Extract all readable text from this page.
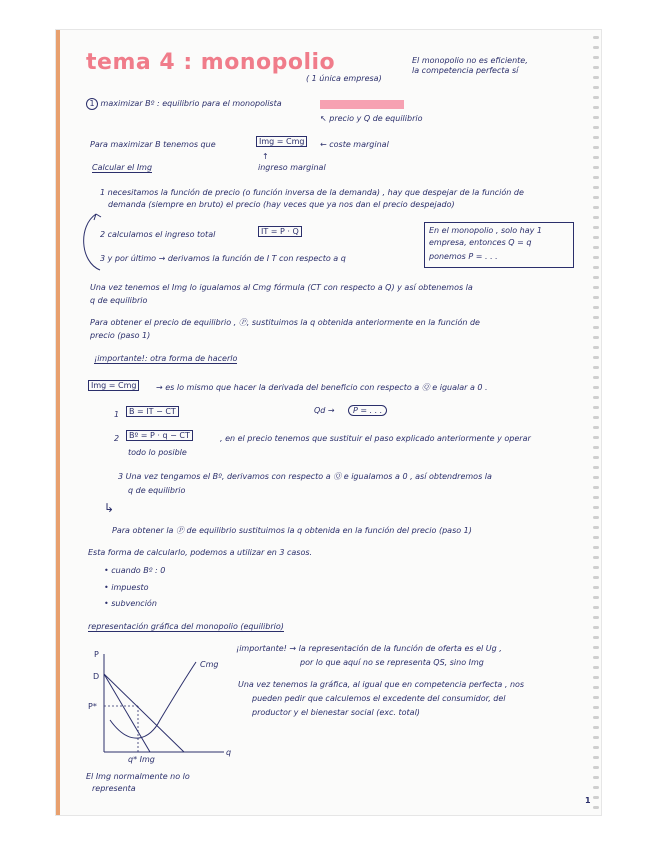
tema 4 : monopolio
( 1 única empresa)
El monopolio no es eficiente,
la competencia perfecta sí
1 maximizar Bº : equilibrio para el monopolista
↖ precio y Q de equilibrio
Para maximizar B tenemos que	Img = Cmg	← coste marginal
↑
ingreso marginal
Calcular el Img
1 necesitamos la función de precio (o función inversa de la demanda) , hay que despejar de la función de
demanda (siempre en bruto) el precio (hay veces que ya nos dan el precio despejado)
2 calculamos el ingreso total	IT = P · Q
3 y por último → derivamos la función de I T con respecto a q
En el monopolio , solo hay 1
empresa, entonces Q = q
ponemos P = . . .
Una vez tenemos el Img lo igualamos al Cmg fórmula (CT con respecto a Q) y así obtenemos la
q de equilibrio
Para obtener el precio de equilibrio , Ⓟ, sustituimos la q obtenida anteriormente en la función de
precio (paso 1)
¡importante!: otra forma de hacerlo
Img = Cmg	→ es lo mismo que hacer la derivada del beneficio con respecto a Ⓠ e igualar a 0 .
Qd →	P = . . .
1	B = IT − CT
2	Bº = P · q − CT	, en el precio tenemos que sustituir el paso explicado anteriormente y operar
todo lo posible
3 Una vez tengamos el Bº, derivamos con respecto a Ⓠ e igualamos a 0 , así obtendremos la
q de equilibrio
↳
Para obtener la Ⓟ de equilibrio sustituimos la q obtenida en la función del precio (paso 1)
Esta forma de calcularlo, podemos a utilizar en 3 casos.
• cuando Bº : 0
• impuesto
• subvención
representación gráfica del monopolio (equilibrio)
¡importante! → la representación de la función de oferta es el Ug ,
por lo que aquí no se representa QS, sino Img
Una vez tenemos la gráfica, al igual que en competencia perfecta , nos
pueden pedir que calculemos el excedente del consumidor, del
productor y el bienestar social (exc. total)
P
D
P*
Cmg
q
q* Img
El Img normalmente no lo
representa
1
